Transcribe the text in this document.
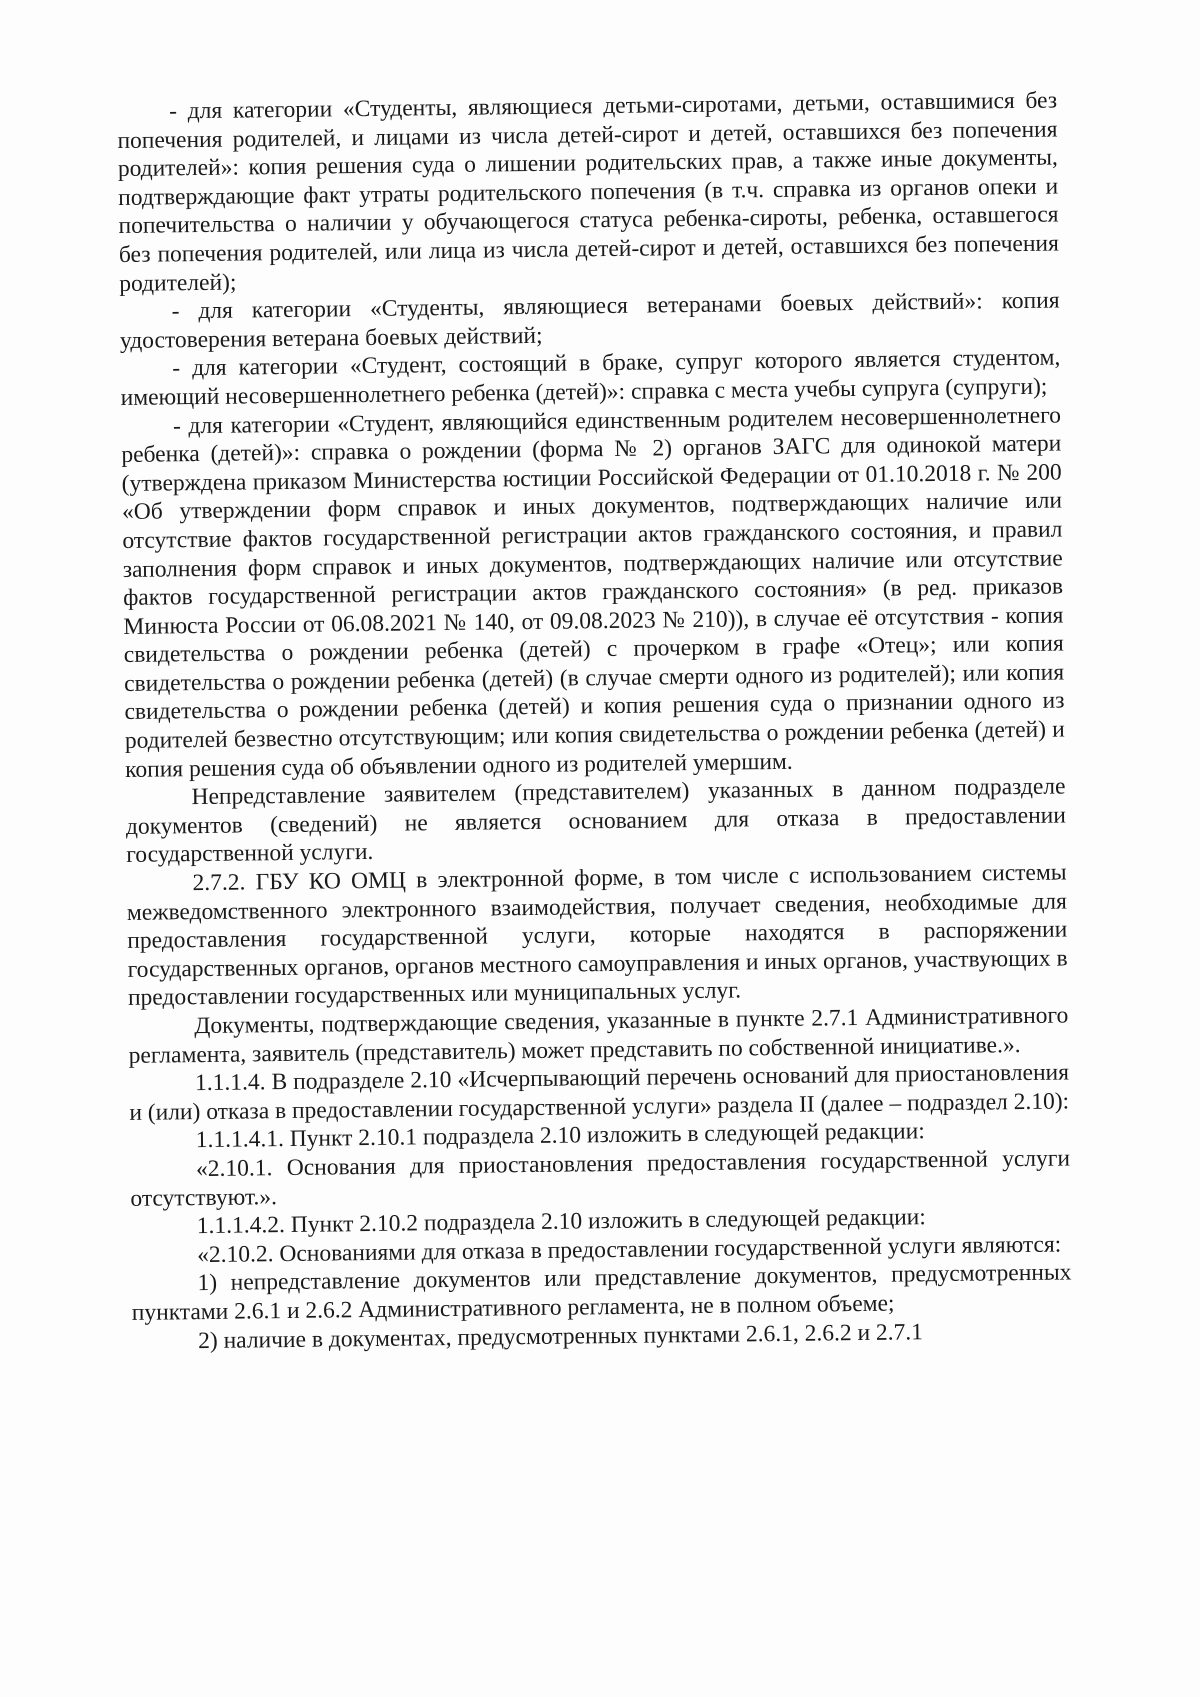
- для категории «Студенты, являющиеся детьми-сиротами, детьми, оставшимися без попечения родителей, и лицами из числа детей-сирот и детей, оставшихся без попечения родителей»: копия решения суда о лишении родительских прав, а также иные документы, подтверждающие факт утраты родительского попечения (в т.ч. справка из органов опеки и попечительства о наличии у обучающегося статуса ребенка-сироты, ребенка, оставшегося без попечения родителей, или лица из числа детей-сирот и детей, оставшихся без попечения родителей);

- для категории «Студенты, являющиеся ветеранами боевых действий»: копия удостоверения ветерана боевых действий;

- для категории «Студент, состоящий в браке, супруг которого является студентом, имеющий несовершеннолетнего ребенка (детей)»: справка с места учебы супруга (супруги);

- для категории «Студент, являющийся единственным родителем несовершеннолетнего ребенка (детей)»: справка о рождении (форма № 2) органов ЗАГС для одинокой матери (утверждена приказом Министерства юстиции Российской Федерации от 01.10.2018 г. № 200 «Об утверждении форм справок и иных документов, подтверждающих наличие или отсутствие фактов государственной регистрации актов гражданского состояния, и правил заполнения форм справок и иных документов, подтверждающих наличие или отсутствие фактов государственной регистрации актов гражданского состояния» (в ред. приказов Минюста России от 06.08.2021 № 140, от 09.08.2023 № 210)), в случае её отсутствия - копия свидетельства о рождении ребенка (детей) с прочерком в графе «Отец»; или копия свидетельства о рождении ребенка (детей) (в случае смерти одного из родителей); или копия свидетельства о рождении ребенка (детей) и копия решения суда о признании одного из родителей безвестно отсутствующим; или копия свидетельства о рождении ребенка (детей) и копия решения суда об объявлении одного из родителей умершим.

Непредставление заявителем (представителем) указанных в данном подразделе документов (сведений) не является основанием для отказа в предоставлении государственной услуги.

2.7.2. ГБУ КО ОМЦ в электронной форме, в том числе с использованием системы межведомственного электронного взаимодействия, получает сведения, необходимые для предоставления государственной услуги, которые находятся в распоряжении государственных органов, органов местного самоуправления и иных органов, участвующих в предоставлении государственных или муниципальных услуг.

Документы, подтверждающие сведения, указанные в пункте 2.7.1 Административного регламента, заявитель (представитель) может представить по собственной инициативе.».

1.1.1.4. В подразделе 2.10 «Исчерпывающий перечень оснований для приостановления и (или) отказа в предоставлении государственной услуги» раздела II (далее – подраздел 2.10):

1.1.1.4.1. Пункт 2.10.1 подраздела 2.10 изложить в следующей редакции:

«2.10.1. Основания для приостановления предоставления государственной услуги отсутствуют.».

1.1.1.4.2. Пункт 2.10.2 подраздела 2.10 изложить в следующей редакции:

«2.10.2. Основаниями для отказа в предоставлении государственной услуги являются:

1) непредставление документов или представление документов, предусмотренных пунктами 2.6.1 и 2.6.2 Административного регламента, не в полном объеме;

2) наличие в документах, предусмотренных пунктами 2.6.1, 2.6.2 и 2.7.1
